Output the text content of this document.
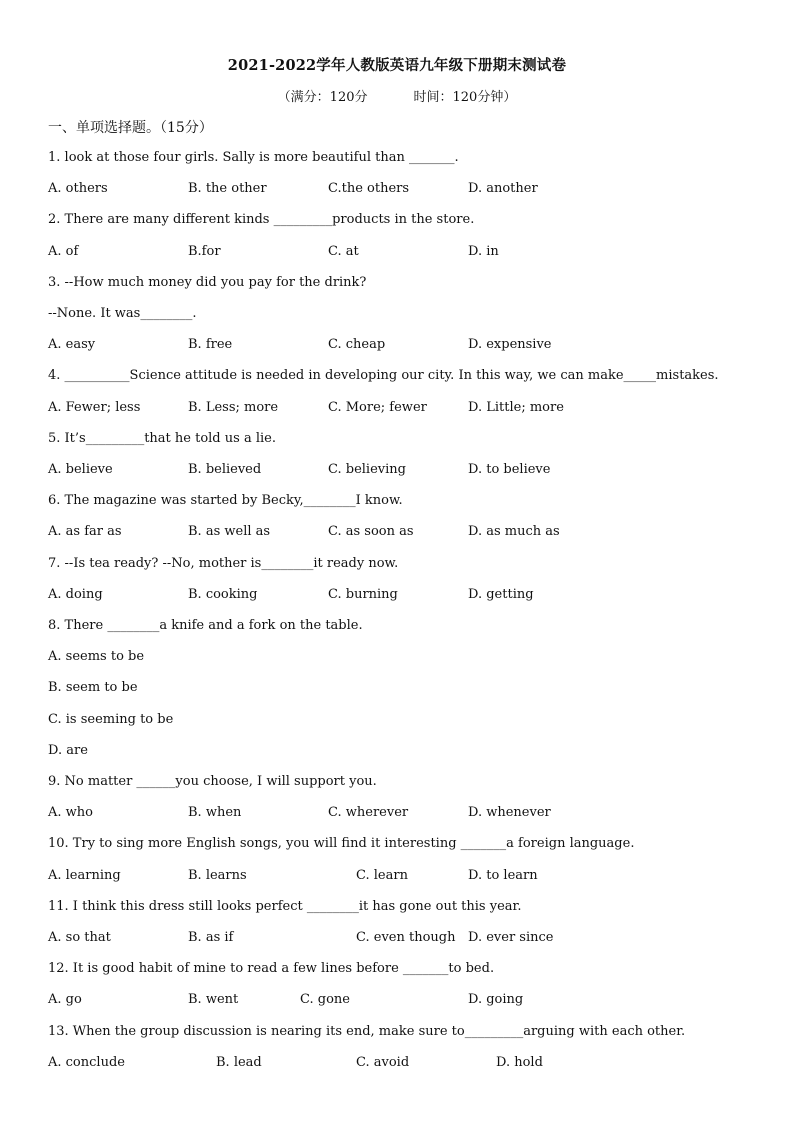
2021-2022学年人教版英语九年级下册期末测试卷
（满分：120分	时间：120分钟）
一、单项选择题。（15分）
1. look at those four girls. Sally is more beautiful than _______.
A. others	B. the other	C.the others	D. another
2. There are many different kinds _________products in the store.
A. of	B.for	C. at	D. in
3. --How much money did you pay for the drink?
--None. It was________.
A. easy	B. free	C. cheap	D. expensive
4. __________Science attitude is needed in developing our city. In this way, we can make_____mistakes.
A. Fewer; less	B. Less; more	C. More; fewer	D. Little; more
5. It’s_________that he told us a lie.
A. believe	B. believed	C. believing	D. to believe
6. The magazine was started by Becky,________I know.
A. as far as	B. as well as	C. as soon as	D. as much as
7. --Is tea ready? --No, mother is________it ready now.
A. doing	B. cooking	C. burning	D. getting
8. There ________a knife and a fork on the table.
A. seems to be
B. seem to be
C. is seeming to be
D. are
9. No matter ______you choose, I will support you.
A. who	B. when	C. wherever	D. whenever
10. Try to sing more English songs, you will find it interesting _______a foreign language.
A. learning	B. learns	C. learn	D. to learn
11. I think this dress still looks perfect ________it has gone out this year.
A. so that	B. as if	C. even though D. ever since
12. It is good habit of mine to read a few lines before _______to bed.
A. go	B. went	C. gone	D. going
13. When the group discussion is nearing its end, make sure to_________arguing with each other.
A. conclude	B. lead	C. avoid	D. hold
